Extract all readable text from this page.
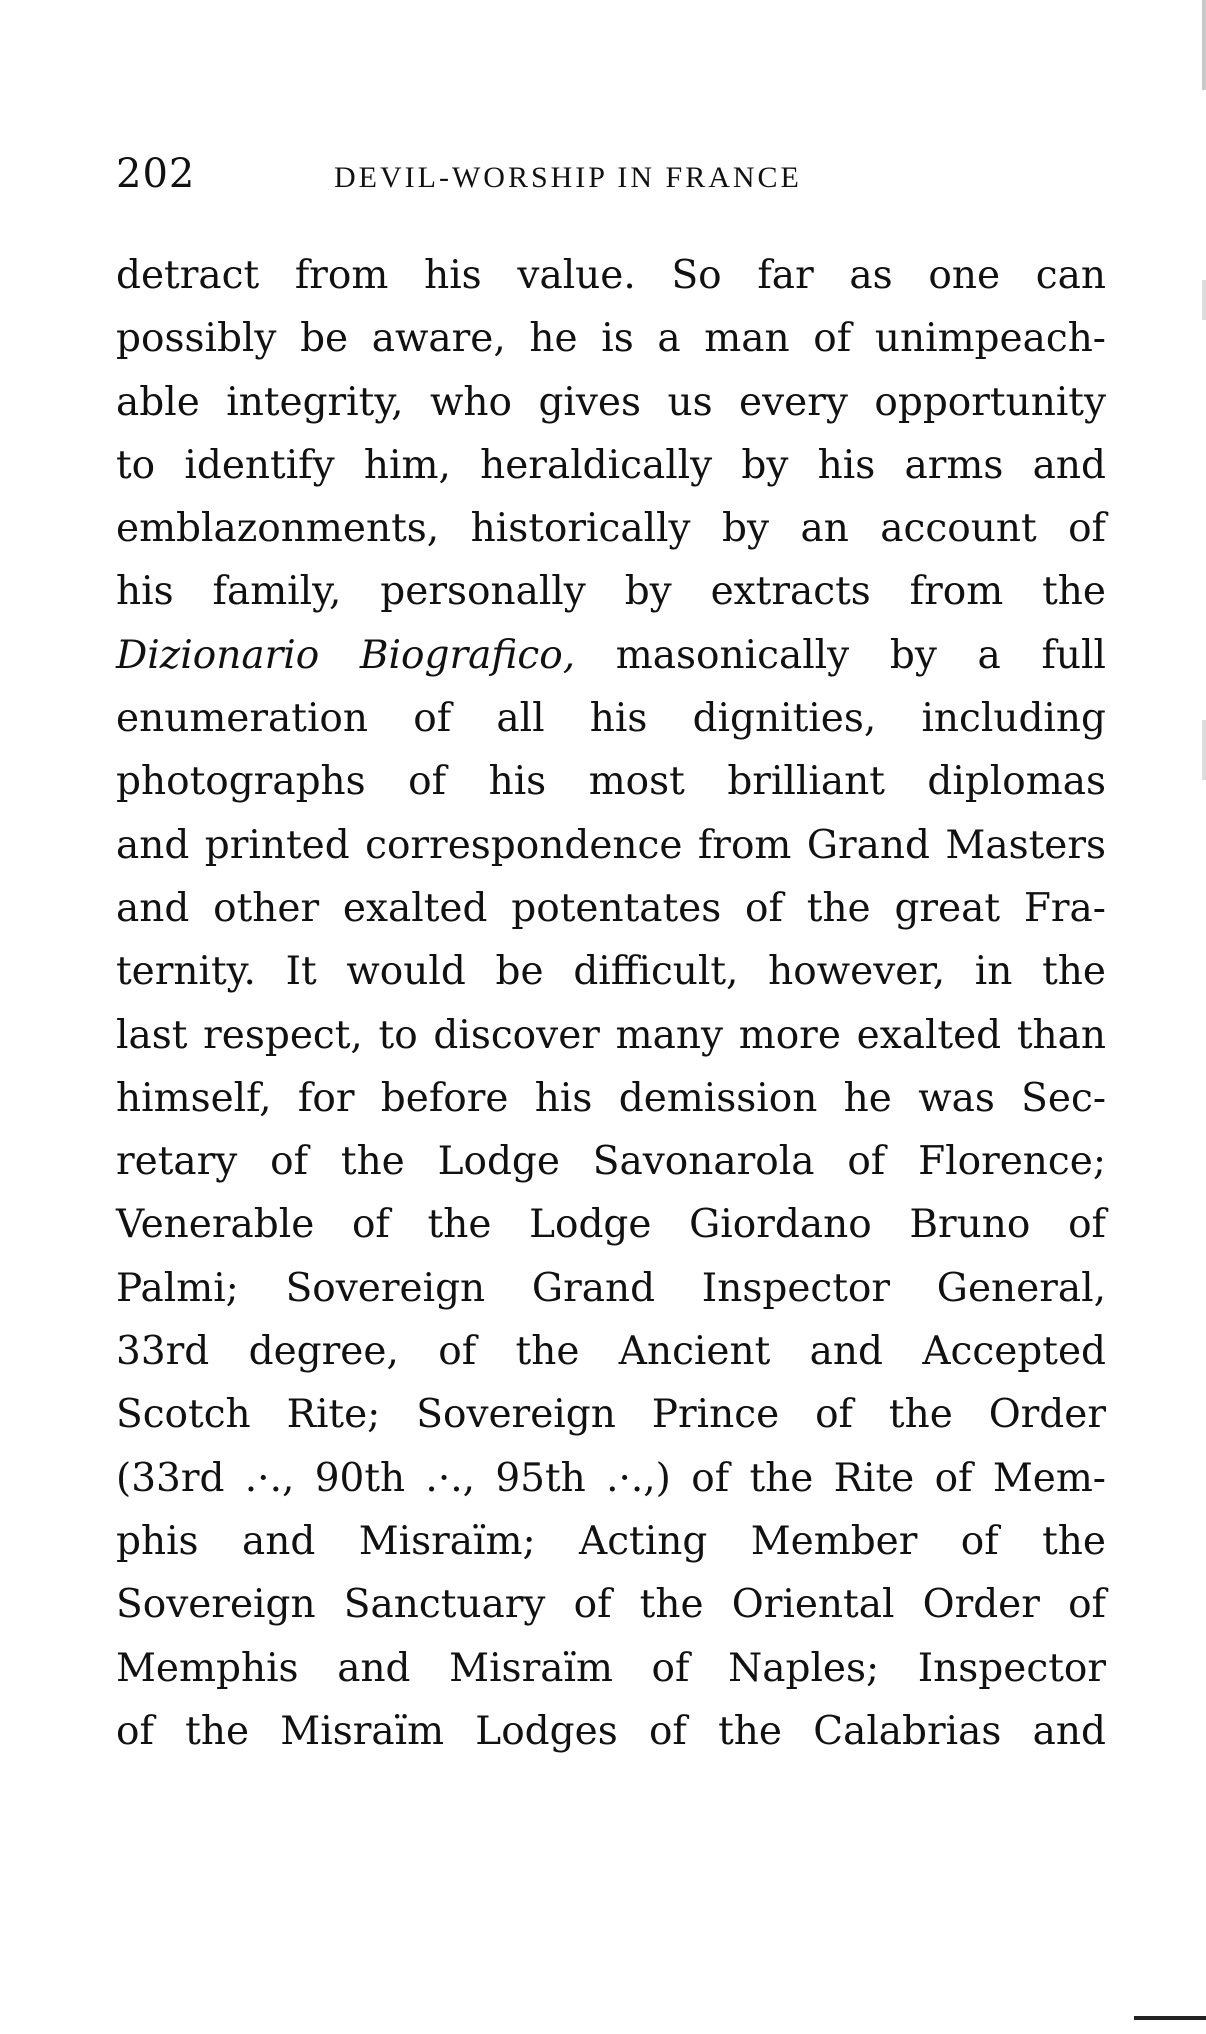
202	DEVIL-WORSHIP IN FRANCE
detract from his value. So far as one can
possibly be aware, he is a man of unimpeach-
able integrity, who gives us every opportunity
to identify him, heraldically by his arms and
emblazonments, historically by an account of
his family, personally by extracts from the
Dizionario Biografico, masonically by a full
enumeration of all his dignities, including
photographs of his most brilliant diplomas
and printed correspondence from Grand Masters
and other exalted potentates of the great Fra-
ternity. It would be difficult, however, in the
last respect, to discover many more exalted than
himself, for before his demission he was Sec-
retary of the Lodge Savonarola of Florence;
Venerable of the Lodge Giordano Bruno of
Palmi; Sovereign Grand Inspector General,
33rd degree, of the Ancient and Accepted
Scotch Rite; Sovereign Prince of the Order
(33rd .·., 90th .·., 95th .·.,) of the Rite of Mem-
phis and Misraïm; Acting Member of the
Sovereign Sanctuary of the Oriental Order of
Memphis and Misraïm of Naples; Inspector
of the Misraïm Lodges of the Calabrias and
